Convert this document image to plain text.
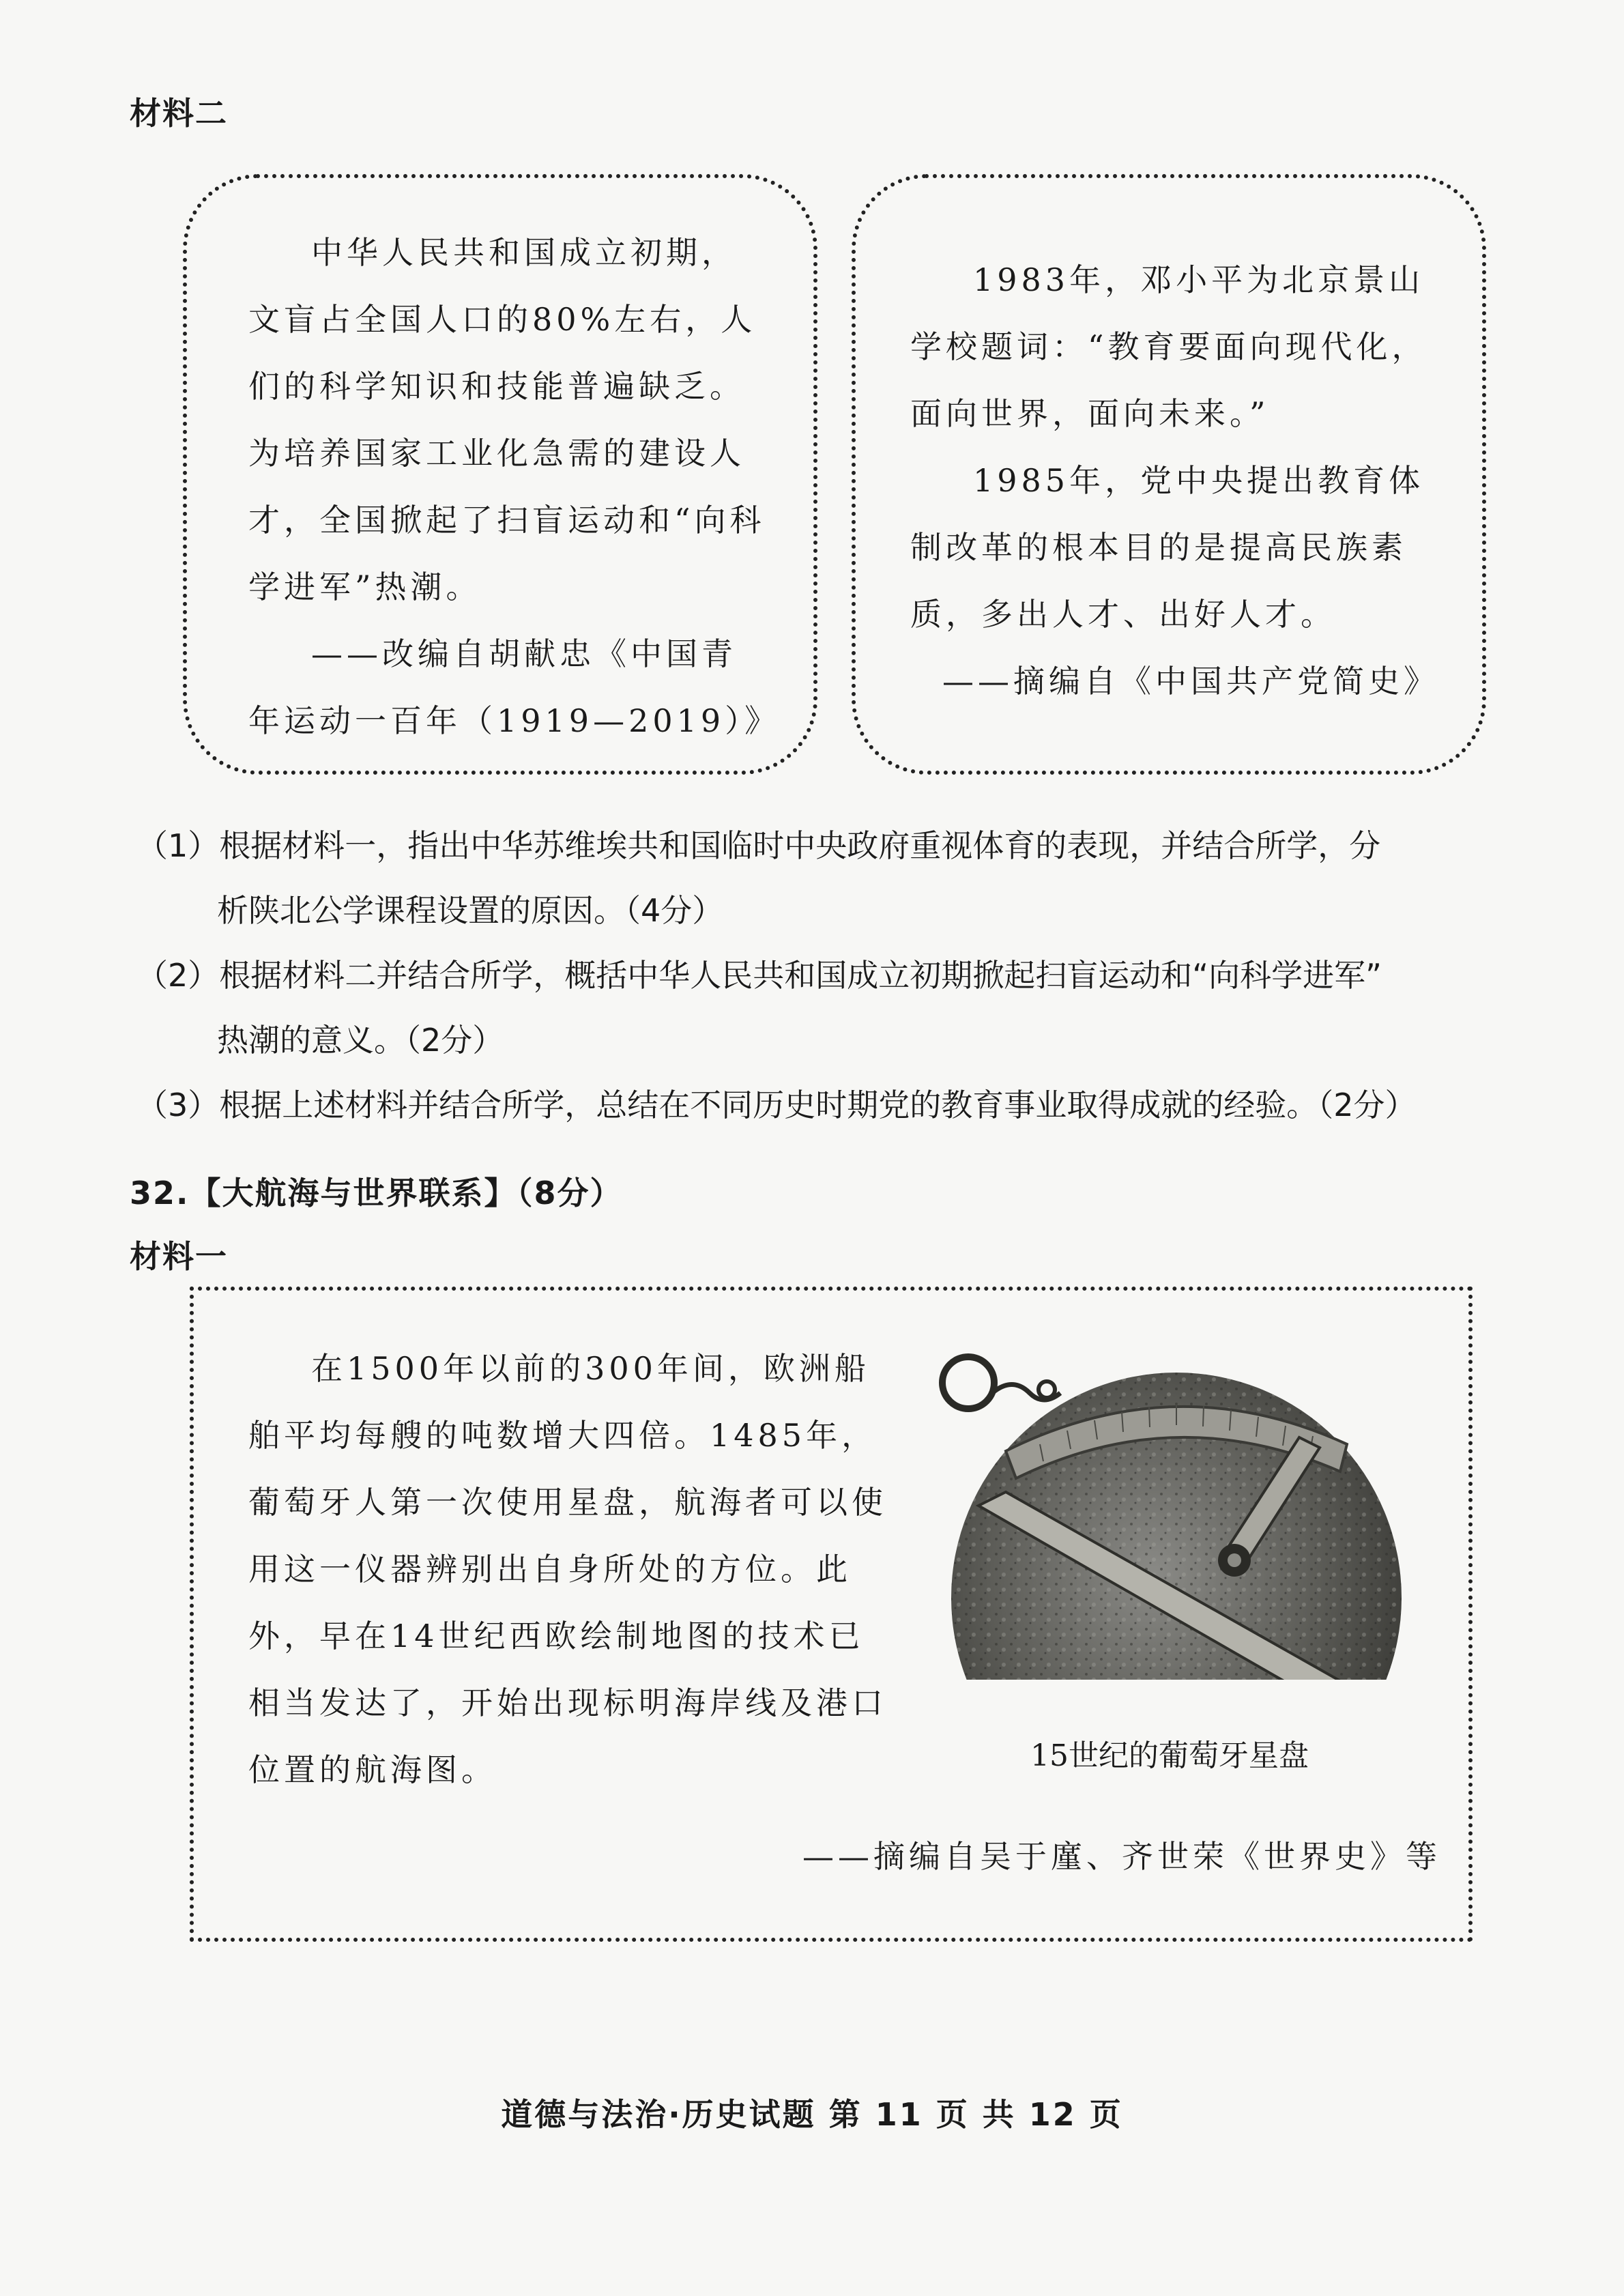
材料二

中华人民共和国成立初期，文盲占全国人口的80%左右，人们的科学知识和技能普遍缺乏。为培养国家工业化急需的建设人才，全国掀起了扫盲运动和“向科学进军”热潮。

——改编自胡献忠《中国青年运动一百年（1919—2019）》

1983年，邓小平为北京景山学校题词：“教育要面向现代化，面向世界，面向未来。”

1985年，党中央提出教育体制改革的根本目的是提高民族素质，多出人才、出好人才。

——摘编自《中国共产党简史》

（1）根据材料一，指出中华苏维埃共和国临时中央政府重视体育的表现，并结合所学，分
析陕北公学课程设置的原因。（4分）
（2）根据材料二并结合所学，概括中华人民共和国成立初期掀起扫盲运动和“向科学进军”
热潮的意义。（2分）
（3）根据上述材料并结合所学，总结在不同历史时期党的教育事业取得成就的经验。（2分）
32.【大航海与世界联系】（8分）
材料一

在1500年以前的300年间，欧洲船舶平均每艘的吨数增大四倍。1485年，葡萄牙人第一次使用星盘，航海者可以使用这一仪器辨别出自身所处的方位。此外，早在14世纪西欧绘制地图的技术已相当发达了，开始出现标明海岸线及港口位置的航海图。	15世纪的葡萄牙星盘
——摘编自吴于廑、齐世荣《世界史》等
道德与法治·历史试题 第 11 页 共 12 页
